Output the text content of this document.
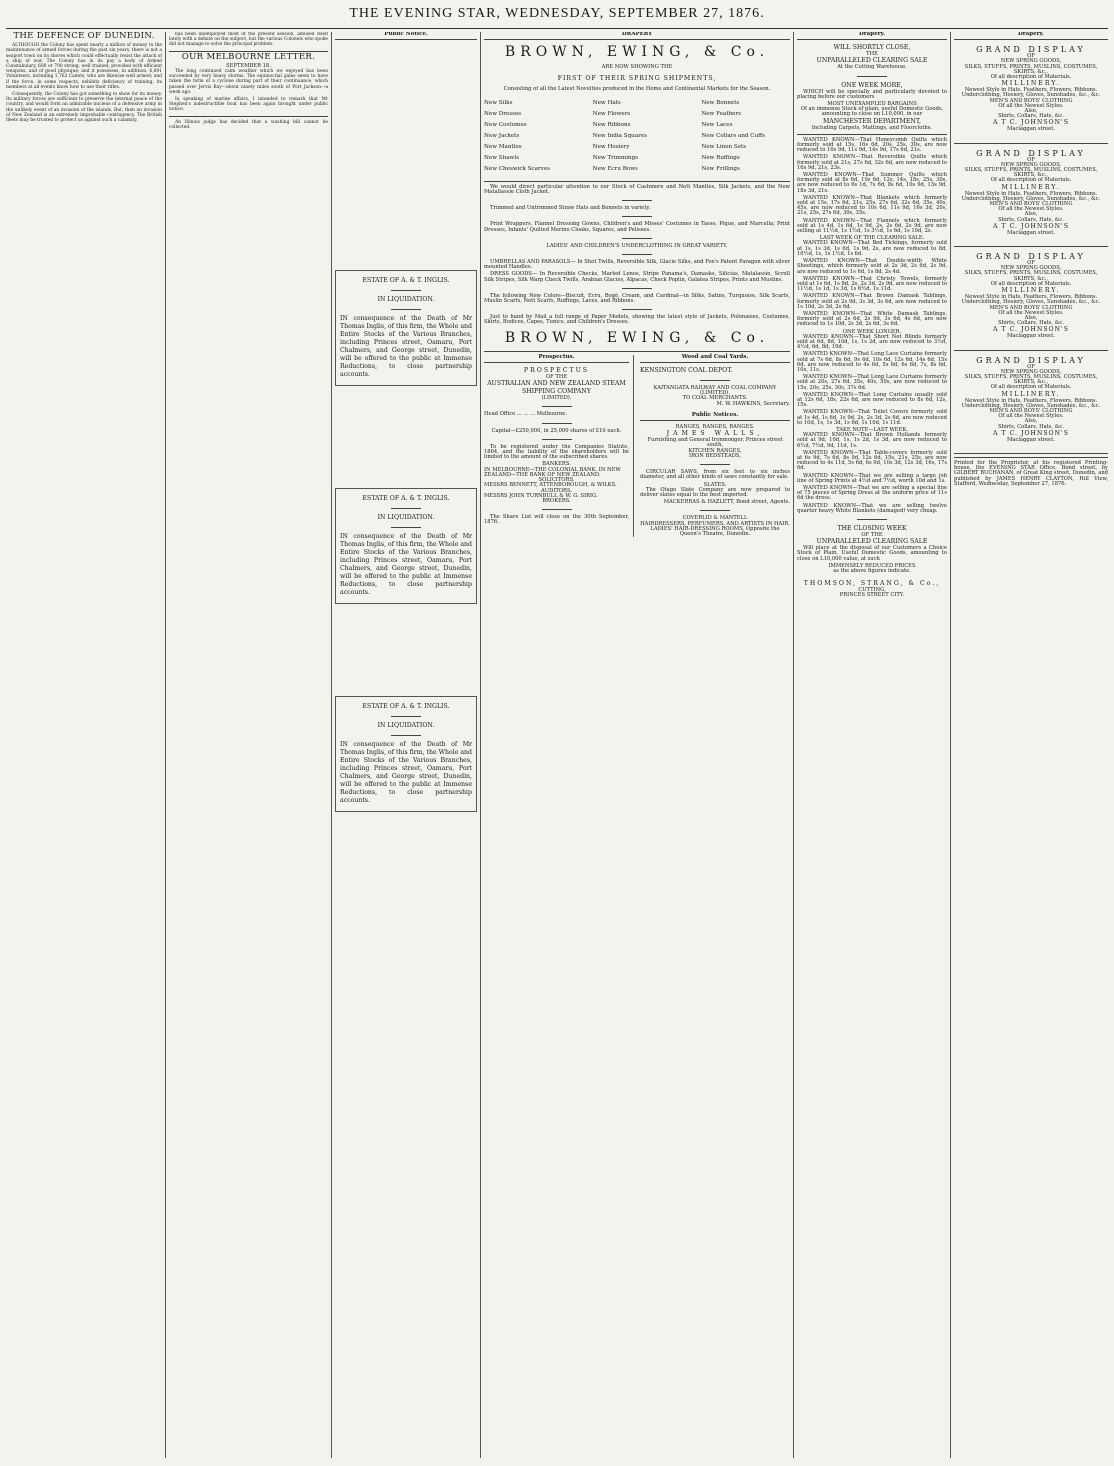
THE EVENING STAR, WEDNESDAY, SEPTEMBER 27, 1876.
THE DEFENCE OF DUNEDIN.
ALTHOUGH the Colony has spent nearly a million of money in the maintenance of armed forces during the past six years, there is not a seaport town on its shores which could effectually resist the attack of a ship of war. The Colony has in its pay a body of Armed Constabulary, 600 or 700 strong, well trained, provided with efficient weapons, and of good physique; and it possesses, in addition, 6,691 Volunteers, including 1,762 Cadets, who are likewise well armed; and if the force, in some respects, exhibits deficiency of training, its members at all events know how to use their rifles.
Consequently, the Colony has got something to show for its money. Its military forces are sufficient to preserve the internal peace of the country, and would form an admirable nucleus of a defensive army in the unlikely event of an invasion of the islands. But, then an invasion of New Zealand is an extremely improbable contingency. The British fleets may be trusted to protect us against such a calamity.
has been unemployed most of the present session, amused itself lately with a debate on the subject, but the various Colonels who spoke did not manage to solve the principal problem.
OUR MELBOURNE LETTER.
SEPTEMBER 18.
The long continued calm weather which we enjoyed has been succeeded by very heavy storms. The equinoctial gales seem to have taken the form of a cyclone during part of their continuance, which passed over Jervis Bay—about ninety miles south of Port Jackson—a week ago.
In speaking of marine affairs, I intended to remark that Mr Stephen's indestructible boat has been again brought under public notice.
An Illinois judge has decided that a washing bill cannot be collected.
Public Notice.
ESTATE OF A. & T. INGLIS.
IN LIQUIDATION.
IN consequence of the Death of Mr Thomas Inglis, of this firm, the Whole and Entire Stocks of the Various Branches, including Princes street, Oamaru, Port Chalmers, and George street, Dunedin, will be offered to the public at Immense Reductions, to close partnership accounts.
ESTATE OF A. & T. INGLIS.
IN LIQUIDATION.
IN consequence of the Death of Mr Thomas Inglis, of this firm, the Whole and Entire Stocks of the Various Branches, including Princes street, Oamaru, Port Chalmers, and George street, Dunedin, will be offered to the public at Immense Reductions, to close partnership accounts.
ESTATE OF A. & T. INGLIS.
IN LIQUIDATION.
IN consequence of the Death of Mr Thomas Inglis, of this firm, the Whole and Entire Stocks of the Various Branches, including Princes street, Oamaru, Port Chalmers, and George street, Dunedin, will be offered to the public at Immense Reductions, to close partnership accounts.
DRAPERY
BROWN, EWING, & Co.
ARE NOW SHOWING THE
FIRST OF THEIR SPRING SHIPMENTS,
Consisting of all the Latest Novelties produced in the Home and Continental Markets for the Season.
New Silks
New Dresses
New Costumes
New Jackets
New Mantles
New Shawls
New Cheswick Scarves
New Hats
New Flowers
New Ribbons
New India Squares
New Hosiery
New Trimmings
New Ecru Bows
New Bonnets
New Feathers
New Laces
New Collars and Cuffs
New Linen Sets
New Ruffings
New Frillings
We would direct particular attention to our Stock of Cashmere and Nett Mantles, Silk Jackets, and the New Matallassie Cloth Jacket.
Trimmed and Untrimmed Straw Hats and Bonnets in variety.
Print Wrappers, Flannel Dressing Gowns, Children's and Misses' Costumes in Tasso, Pique, and Marcella; Print Dresses, Infants' Quilted Merino Cloaks, Squares, and Pelisses.
LADIES' AND CHILDREN'S UNDERCLOTHING IN GREAT VARIETY.
UMBRELLAS AND PARASOLS— In Shot Twills, Reversible Silk, Glacie Silks, and Fox's Patent Paragon with silver mounted Handles.
DRESS GOODS— In Reversible Checks, Marled Lenos, Stripe Panama's, Damasks, Silicias, Matalassie, Scroll Silk Stripes, Silk Warp Check Twills, Arabian Glacies, Alpacas, Check Poplin, Galatea Stripes, Prints and Muslins.
The following New Colors—Biscuit, Ecru, Bogé, Cream, and Cardinal—in Silks, Satins, Turquoise, Silk Scarfs, Muslin Scarfs, Nett Scarfs, Ruffings, Laces, and Ribbons.
Just to hand by Mail a full range of Paper Models, showing the latest style of Jackets, Polonaises, Costumes, Skirts, Bodices, Capes, Tunics, and Children's Dresses.
BROWN, EWING, & Co.
Prospectus.
PROSPECTUS
OF THE
AUSTRALIAN AND NEW ZEALAND STEAM SHIPPING COMPANY
(LIMITED).
Head Office ... ... ... Melbourne.
Capital—£250,000, in 25,000 shares of £10 each.
To be registered under the Companies Statute, 1864, and the liability of the shareholders will be limited to the amount of the subscribed shares.
BANKERS.
IN MELBOURNE—THE COLONIAL BANK. IN NEW ZEALAND—THE BANK OF NEW ZEALAND.
SOLICITORS.
MESSRS BENNETT, ATTENBOROUGH, & WILKS.
AUDITORS.
MESSRS JOHN TURNBULL & W. G. SIRIG.
BROKERS.
The Share List will close on the 30th September, 1876.
Wood and Coal Yards.
KENSINGTON COAL DEPOT.
KAITANGATA RAILWAY AND COAL COMPANY (LIMITED).
TO COAL MERCHANTS.
M. W. HAWKINS, Secretary.
Public Notices.
RANGES, RANGES, RANGES.
JAMES WALLS,
Furnishing and General Ironmonger, Princes street south,
KITCHEN RANGES,
IRON BEDSTEADS,
CIRCULAR SAWS, from six feet to six inches diameter, and all other kinds of saws constantly for sale.
SLATES.
The Otago Slate Company are now prepared to deliver slates equal to the best imported.
MACKERRAS & HAZLETT, Bond street, Agents.
COVERLID & MANTELL
HAIRDRESSERS, PERFUMERS, AND ARTISTS IN HAIR.
LADIES' HAIR-DRESSING ROOMS, Opposite the Queen's Theatre, Dunedin.
Drapery.
WILL SHORTLY CLOSE,
THE
UNPARALLELED CLEARING SALE
At the Cutting Warehouse.
ONE WEEK MORE,
WHICH will be specially and particularly devoted to placing before our customers
MOST UNEXAMPLED BARGAINS
Of an immense Stock of plain, useful Domestic Goods, amounting to close on L10,000, in our
MANCHESTER DEPARTMENT,
Including Carpets, Mattings, and Floorcloths.
WANTED KNOWN—That Honeycomb Quilts which formerly sold at 15s, 16s 6d, 20s, 25s, 30s, are now reduced to 10s 9d, 11s 9d, 14s 9d, 17s 6d, 21s.
WANTED KNOWN—That Reversible Quilts which formerly sold at 21s, 27s 6d, 32s 6d, are now reduced to 16s 9d, 21s, 23s.
WANTED KNOWN—That Summer Quilts which formerly sold at 8s 6d, 10s 6d, 12s, 14s, 18s, 25s, 30s, are now reduced to 6s 1d, 7s 6d, 8s 6d, 10s 9d, 13s 9d, 18s 3d, 21s.
WANTED KNOWN—That Blankets which formerly sold at 15s, 17s 6d, 21s, 25s, 27s 6d, 32s 6d, 35s, 40s, 45s, are now reduced to 10s 6d, 11s 9d, 16s 3d, 20s, 21s, 25s, 27s 6d, 30s, 35s.
WANTED KNOWN—That Flannels which formerly sold at 1s 4d, 1s 6d, 1s 9d, 2s, 2s 6d, 2s 9d, are now selling at 11½d, 1s 1½d, 1s 3½d, 1s 6d, 1s 10d, 2s.
LAST WEEK OF THE CLEARING SALE.
WANTED KNOWN—That Bed Tickings, formerly sold at 1s, 1s 3d, 1s 6d, 1s 9d, 2s, are now reduced to 8d, 10½d, 1s, 1s 1½d, 1s 6d.
WANTED KNOWN—That Double-width White Sheetings, which formerly sold at 2s 3d, 2s 6d, 2s 9d, are now reduced to 1s 6d, 1s 8d, 2s 4d.
WANTED KNOWN—That Christy Towels, formerly sold at 1s 6d, 1s 8d, 2s, 2s 3d, 2s 9d, are now reduced to 11½d, 1s 1d, 1s 3d, 1s 6½d, 1s 11d.
WANTED KNOWN—That Brown Damask Tablings, formerly sold at 2s 9d, 3s 3d, 3s 6d, are now reduced to 1s 10d, 2s 3d, 2s 6d.
WANTED KNOWN—That White Damask Tablings, formerly sold at 2s 6d, 2s 9d, 3s 6d, 4s 6d, are now reduced to 1s 10d, 2s 3d, 2s 6d, 3s 6d.
ONE WEEK LONGER.
WANTED KNOWN—That Short Net Blinds formerly sold at 6d, 8d, 10d, 1s, 1s 2d, are now reduced to 3½d, 4½d, 6d, 8d, 10d.
WANTED KNOWN—That Long Lace Curtains formerly sold at 7s 6d, 8s 6d, 9s 6d, 10s 6d, 12s 6d, 14s 6d, 15s 6d, are now reduced to 4s 6d, 5s 6d, 6s 6d, 7s, 8s 6d, 10s, 11s.
WANTED KNOWN—That Long Lace Curtains formerly sold at 20s, 27s 6d, 35s, 40s, 50s, are now reduced to 15s, 20s, 25s, 30s, 37s 6d.
WANTED KNOWN—That Long Curtains usually sold at 12s 6d, 18s, 22s 6d, are now reduced to 8s 6d, 12s, 15s.
WANTED KNOWN—That Toilet Covers formerly sold at 1s 4d, 1s 6d, 1s 9d, 2s, 2s 3d, 2s 6d, are now reduced to 10d, 1s, 1s 3d, 1s 6d, 1s 10d, 1s 11d.
TAKE NOTE—LAST WEEK.
WANTED KNOWN—That Brown Hollands formerly sold at 9d, 10d, 1s, 1s 2d, 1s 3d, are now reduced to 6½d, 7½d, 9d, 11d, 1s.
WANTED KNOWN—That Table-covers formerly sold at 6s 9d, 7s 6d, 8s 9d, 12s 6d, 15s, 21s, 25s, are now reduced to 4s 11d, 5s 6d, 6s 9d, 10s 3d, 12s 3d, 16s, 17s 6d.
WANTED KNOWN—That we are selling a large job line of Spring Prints at 4½d and 7½d, worth 10d and 1s.
WANTED KNOWN—That we are selling a special line of 75 pieces of Spring Dress at the uniform price of 11s 6d the dress.
WANTED KNOWN—That we are selling twelve quarter heavy White Blankets (damaged) very cheap.
THE CLOSING WEEK
OF THE
UNPARALLELED CLEARING SALE
Will place at the disposal of our Customers a Choice Stock of Plain, Useful Domestic Goods, amounting to close on L10,000 value, at such
IMMENSELY REDUCED PRICES
as the above figures indicate.
THOMSON, STRANG, & Co.,
CUTTING,
PRINCES STREET CITY.
Drapery.
GRAND DISPLAY
OF
NEW SPRING GOODS,
SILKS, STUFFS, PRINTS, MUSLINS, COSTUMES, SKIRTS, &c.,
Of all description of Materials.
MILLINERY.
Newest Style in Hats, Feathers, Flowers, Ribbons.
Underclothing, Hosiery, Gloves, Sunshades, &c., &c.
MEN'S AND BOYS' CLOTHING
Of all the Newest Styles.
Also,
Shirts, Collars, Hats, &c.
A T C. JOHNSON'S
Maclaggan street.
GRAND DISPLAY
OF
NEW SPRING GOODS,
SILKS, STUFFS, PRINTS, MUSLINS, COSTUMES, SKIRTS, &c.,
Of all description of Materials.
MILLINERY.
Newest Style in Hats, Feathers, Flowers, Ribbons.
Underclothing, Hosiery, Gloves, Sunshades, &c., &c.
MEN'S AND BOYS' CLOTHING
Of all the Newest Styles.
Also,
Shirts, Collars, Hats, &c.
A T C. JOHNSON'S
Maclaggan street.
GRAND DISPLAY
OF
NEW SPRING GOODS,
SILKS, STUFFS, PRINTS, MUSLINS, COSTUMES, SKIRTS, &c.,
Of all description of Materials.
MILLINERY.
Newest Style in Hats, Feathers, Flowers, Ribbons.
Underclothing, Hosiery, Gloves, Sunshades, &c., &c.
MEN'S AND BOYS' CLOTHING
Of all the Newest Styles.
Also,
Shirts, Collars, Hats, &c.
A T C. JOHNSON'S
Maclaggan street.
GRAND DISPLAY
OF
NEW SPRING GOODS,
SILKS, STUFFS, PRINTS, MUSLINS, COSTUMES, SKIRTS, &c.,
Of all description of Materials.
MILLINERY.
Newest Style in Hats, Feathers, Flowers, Ribbons.
Underclothing, Hosiery, Gloves, Sunshades, &c., &c.
MEN'S AND BOYS' CLOTHING
Of all the Newest Styles.
Also,
Shirts, Collars, Hats, &c.
A T C. JOHNSON'S
Maclaggan street.
Printed for the Proprietor, at his registered Printing-house, the EVENING STAR Office, Bond street, by GILBERT BUCHANAN, of Great King street, Dunedin, and published by JAMES HENRY CLAYTON, Hill View, Stafford, Wednesday, September 27, 1876.
